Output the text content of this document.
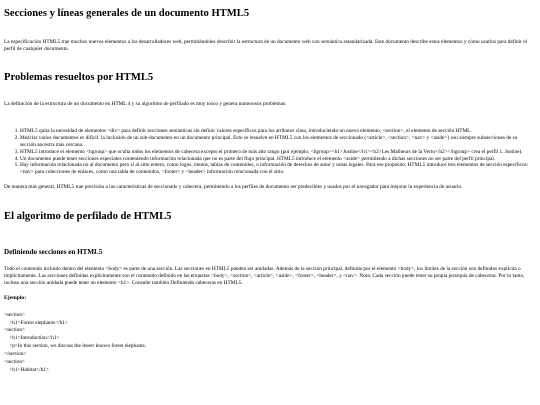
Secciones y líneas generales de un documento HTML5

La especificación HTML5 trae muchos nuevos elementos a los desarrolladores web, permitiéndoles describir la estructura de un documento web con semántica estandarizada. Este documento describe estos elementos y cómo usarlos para definir el perfil de cualquier documento.

Problemas resueltos por HTML5

La definición de la estructura de un documento en HTML 4 y su algoritmo de perfilado es muy tosco y genera numerosos problemas:

1. HTML5 quita la necesidad de elementos <div> para definir secciones semánticas sin definir valores específicos para los atributos class, introduciendo un nuevo elemento, <section>, el elemento de sección HTML.
2. Mezclar varios documentos es difícil: la inclusión de un sub-documento en un documento principal. Esto se resuelve en HTML5 con los elementos de seccionado (<article>, <section>, <nav> y <aside>) son siempre subsecciones de su sección ancestra más cercana.
3. HTML5 introduce el elemento <hgroup> que oculta todos los elementos de cabecera excepto el primero de más alto rango (por ejemplo, <hgroup><h1>Justine</h1><h2>Les Malheurs de la Vertu</h2></hgroup> crea el perfil 1. Justine).
4. Un documento puede tener secciones especiales conteniendo información relacionada que no es parte del flujo principal. HTML5 introduce el elemento <aside> permitiendo a dichas secciones no ser parte del perfil principal.
5. Hay información relacionada no al documento pero sí al sitio entero, como logos, menús, tablas de contenidos, o información de derechos de autor y notas legales. Para ese propósito, HTML5 introduce tres elementos de sección específicos: <nav> para colecciones de enlaces, como una tabla de contenidos, <footer> y <header> información relacionada con el sitio.

De manera más general, HTML5 trae precisión a las características de seccionado y cabecera, permitiendo a los perfiles de documento ser predecibles y usados por el navegador para mejorar la experiencia de usuario.

El algoritmo de perfilado de HTML5
Definiendo secciones en HTML5

Todo el contenido incluido dentro del elemento <body> es parte de una sección. Las secciones en HTML5 pueden ser anidadas. Además de la sección principal, definida por el elemento <body>, los límites de la sección son definidos explícita o implícitamente. Las secciones definidas explícitamente son el contenido definido en las etiquetas <body>, <section>, <article>, <aside>, <footer>, <header>, y <nav>. Nota: Cada sección puede tener su propia jerarquía de cabeceras. Por lo tanto, incluso una sección anidada puede tener un elemento <h1>. Consulte también Definiendo cabeceras en HTML5.

Ejemplo:
<section>
<h1>Forest elephants</h1>
<section>
<h1>Introduction</h1>
<p>In this section, we discuss the lesser known forest elephants.
</section>
<section>
<h1>Habitat</h1>
